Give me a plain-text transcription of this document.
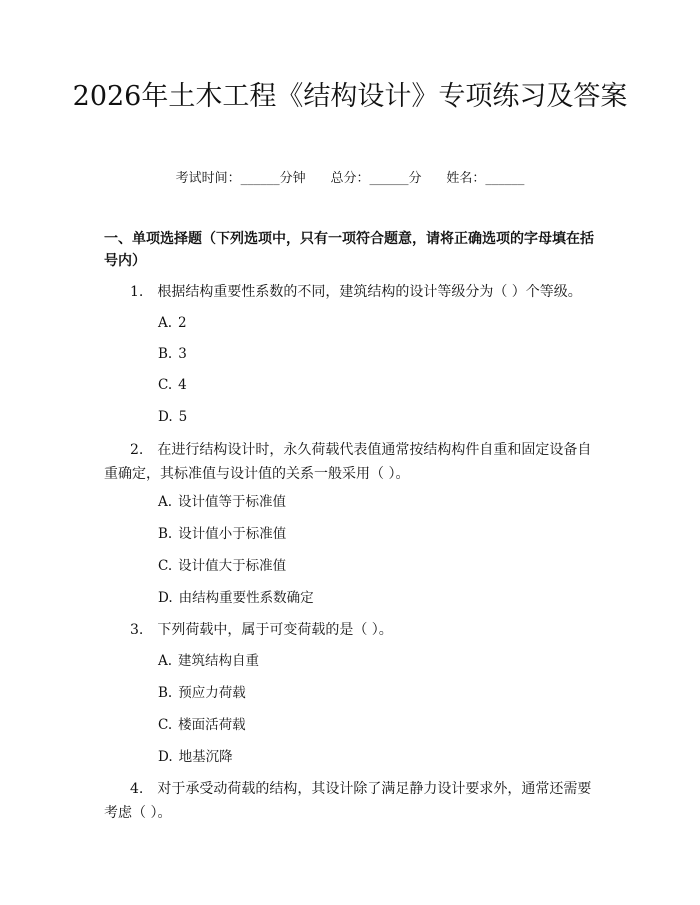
2026年土木工程《结构设计》专项练习及答案
考试时间：______分钟 总分：______分 姓名：______
一、单项选择题（下列选项中，只有一项符合题意，请将正确选项的字母填在括号内）
1. 根据结构重要性系数的不同，建筑结构的设计等级分为（ ）个等级。
A. 2
B. 3
C. 4
D. 5
2. 在进行结构设计时，永久荷载代表值通常按结构构件自重和固定设备自重确定，其标准值与设计值的关系一般采用（ ）。
A. 设计值等于标准值
B. 设计值小于标准值
C. 设计值大于标准值
D. 由结构重要性系数确定
3. 下列荷载中，属于可变荷载的是（ ）。
A. 建筑结构自重
B. 预应力荷载
C. 楼面活荷载
D. 地基沉降
4. 对于承受动荷载的结构，其设计除了满足静力设计要求外，通常还需要考虑（ ）。
